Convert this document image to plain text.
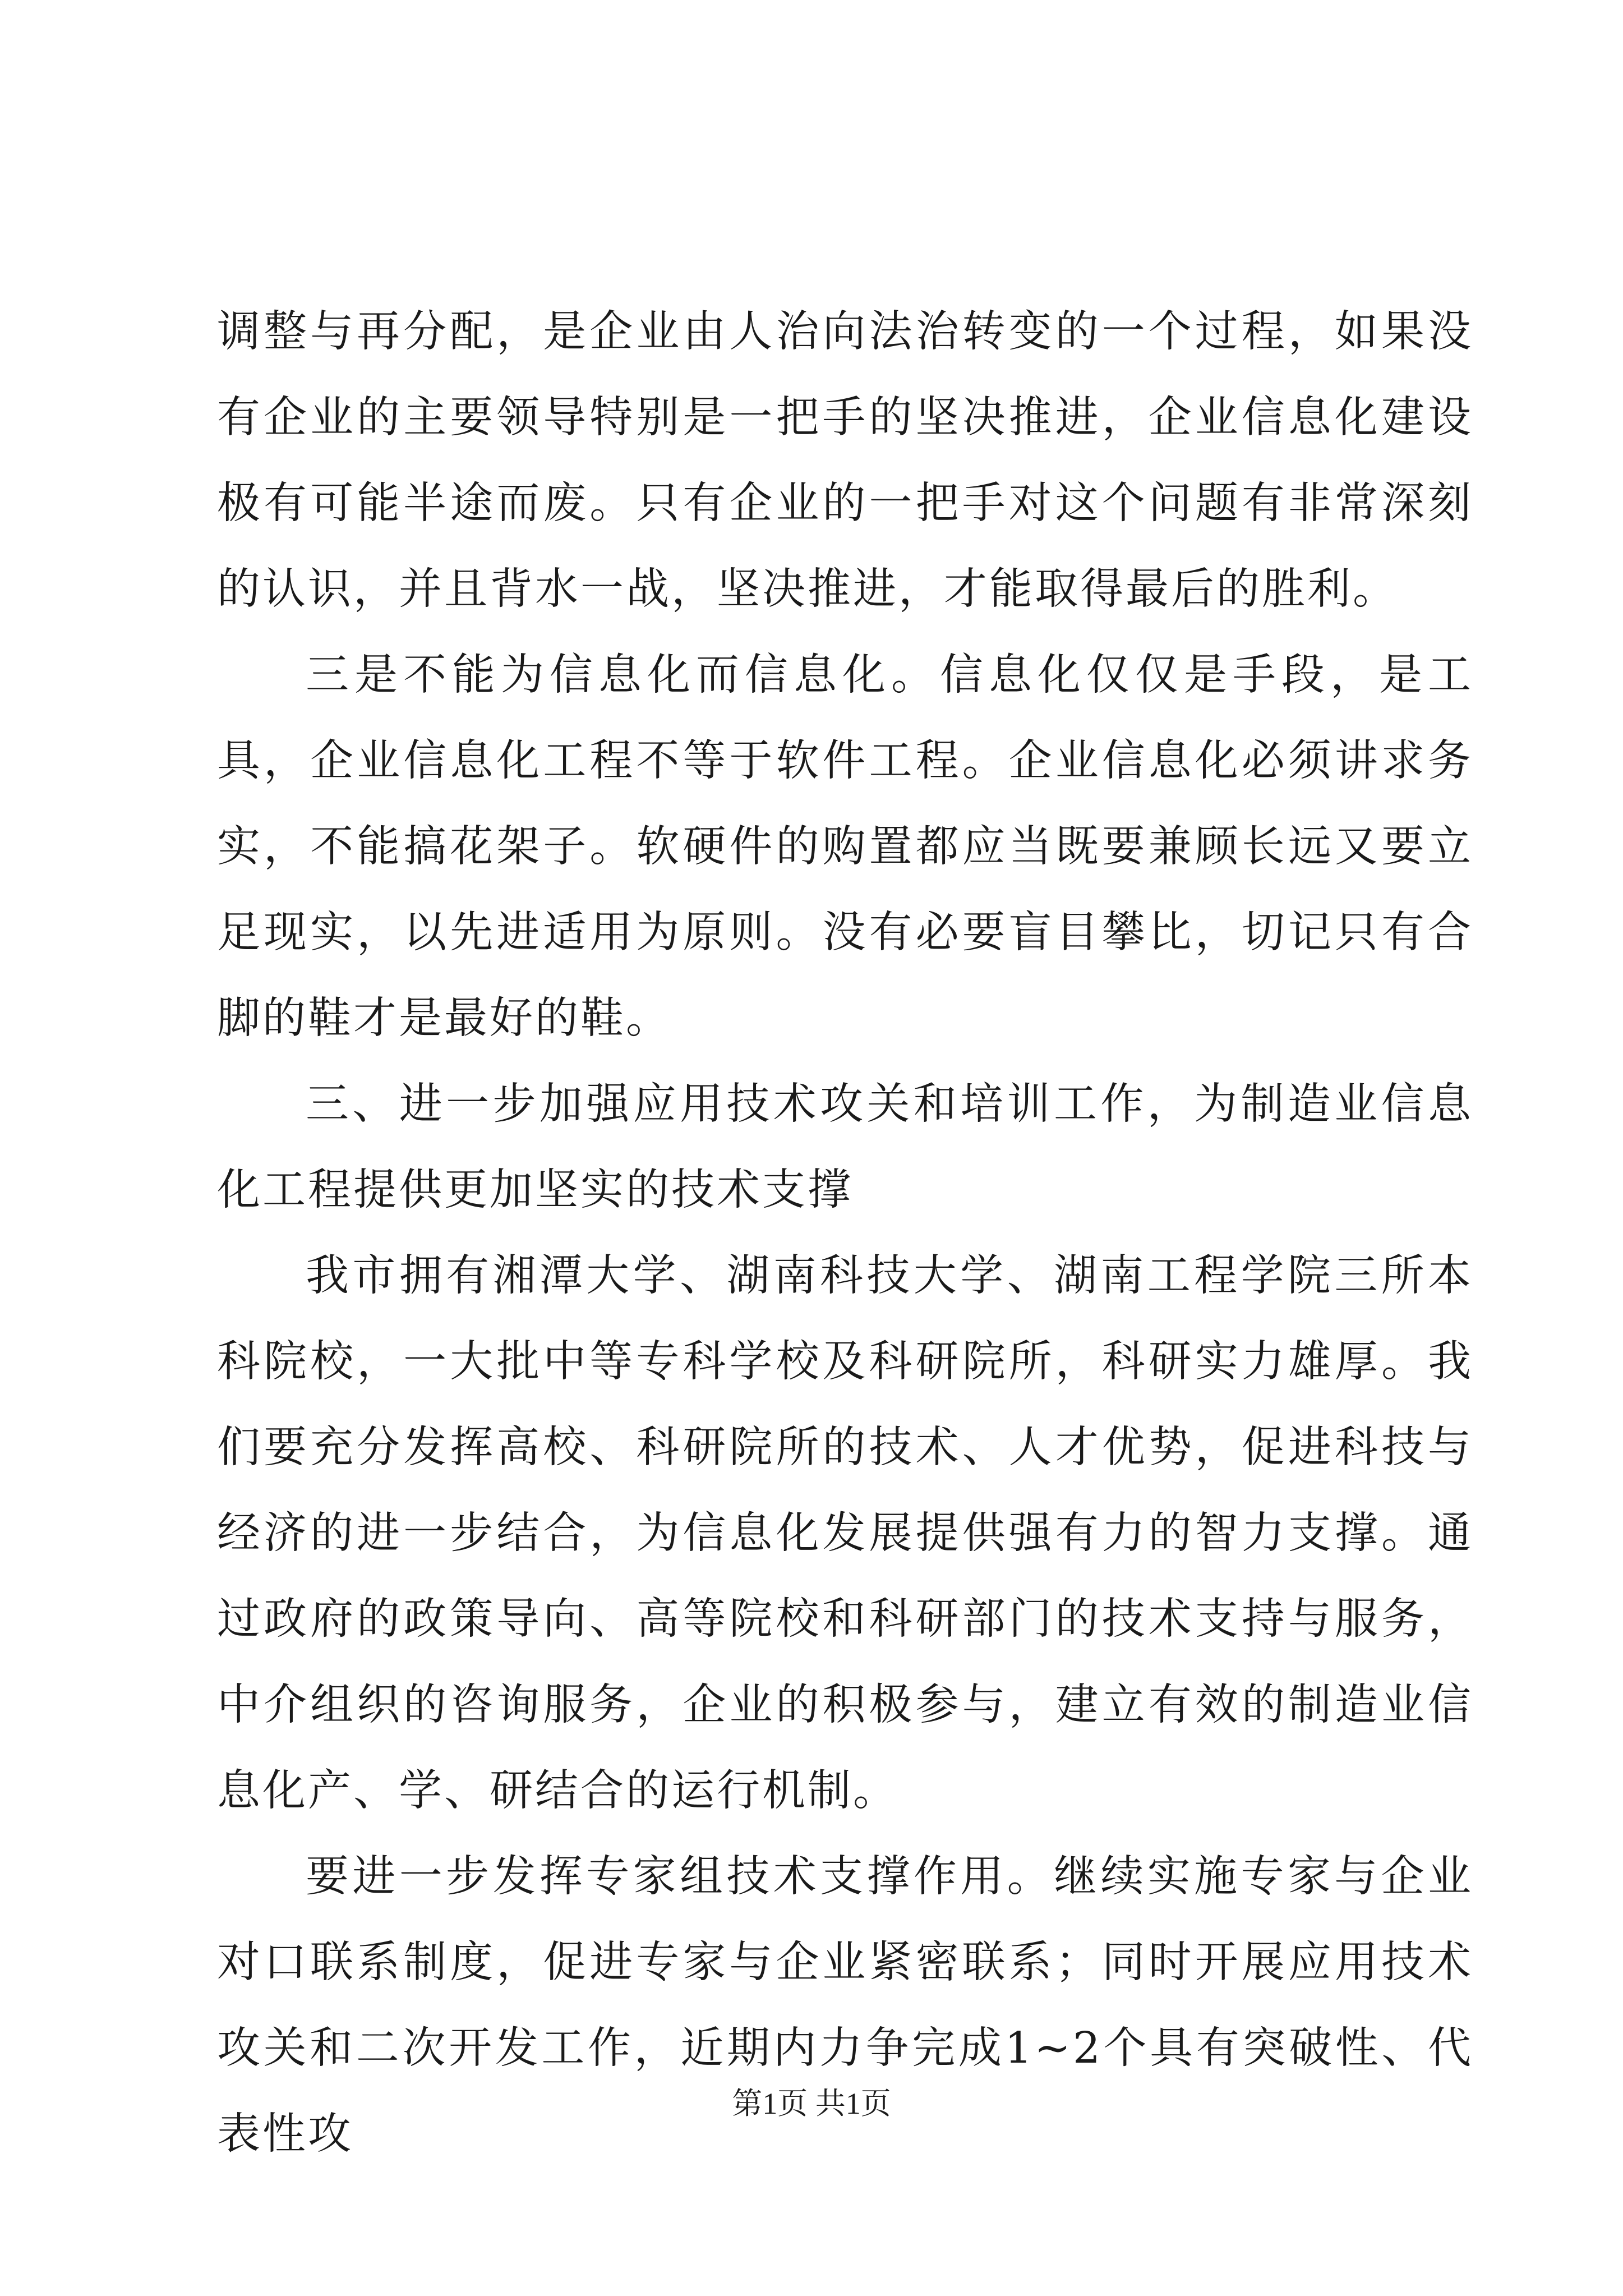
调整与再分配，是企业由人治向法治转变的一个过程，如果没有企业的主要领导特别是一把手的坚决推进，企业信息化建设极有可能半途而废。只有企业的一把手对这个问题有非常深刻的认识，并且背水一战，坚决推进，才能取得最后的胜利。

三是不能为信息化而信息化。信息化仅仅是手段，是工具，企业信息化工程不等于软件工程。企业信息化必须讲求务实，不能搞花架子。软硬件的购置都应当既要兼顾长远又要立足现实，以先进适用为原则。没有必要盲目攀比，切记只有合脚的鞋才是最好的鞋。

三、进一步加强应用技术攻关和培训工作，为制造业信息化工程提供更加坚实的技术支撑

我市拥有湘潭大学、湖南科技大学、湖南工程学院三所本科院校，一大批中等专科学校及科研院所，科研实力雄厚。我们要充分发挥高校、科研院所的技术、人才优势，促进科技与经济的进一步结合，为信息化发展提供强有力的智力支撑。通过政府的政策导向、高等院校和科研部门的技术支持与服务，中介组织的咨询服务，企业的积极参与，建立有效的制造业信息化产、学、研结合的运行机制。

要进一步发挥专家组技术支撑作用。继续实施专家与企业对口联系制度，促进专家与企业紧密联系；同时开展应用技术攻关和二次开发工作，近期内力争完成1~2个具有突破性、代表性攻

第1页 共1页
